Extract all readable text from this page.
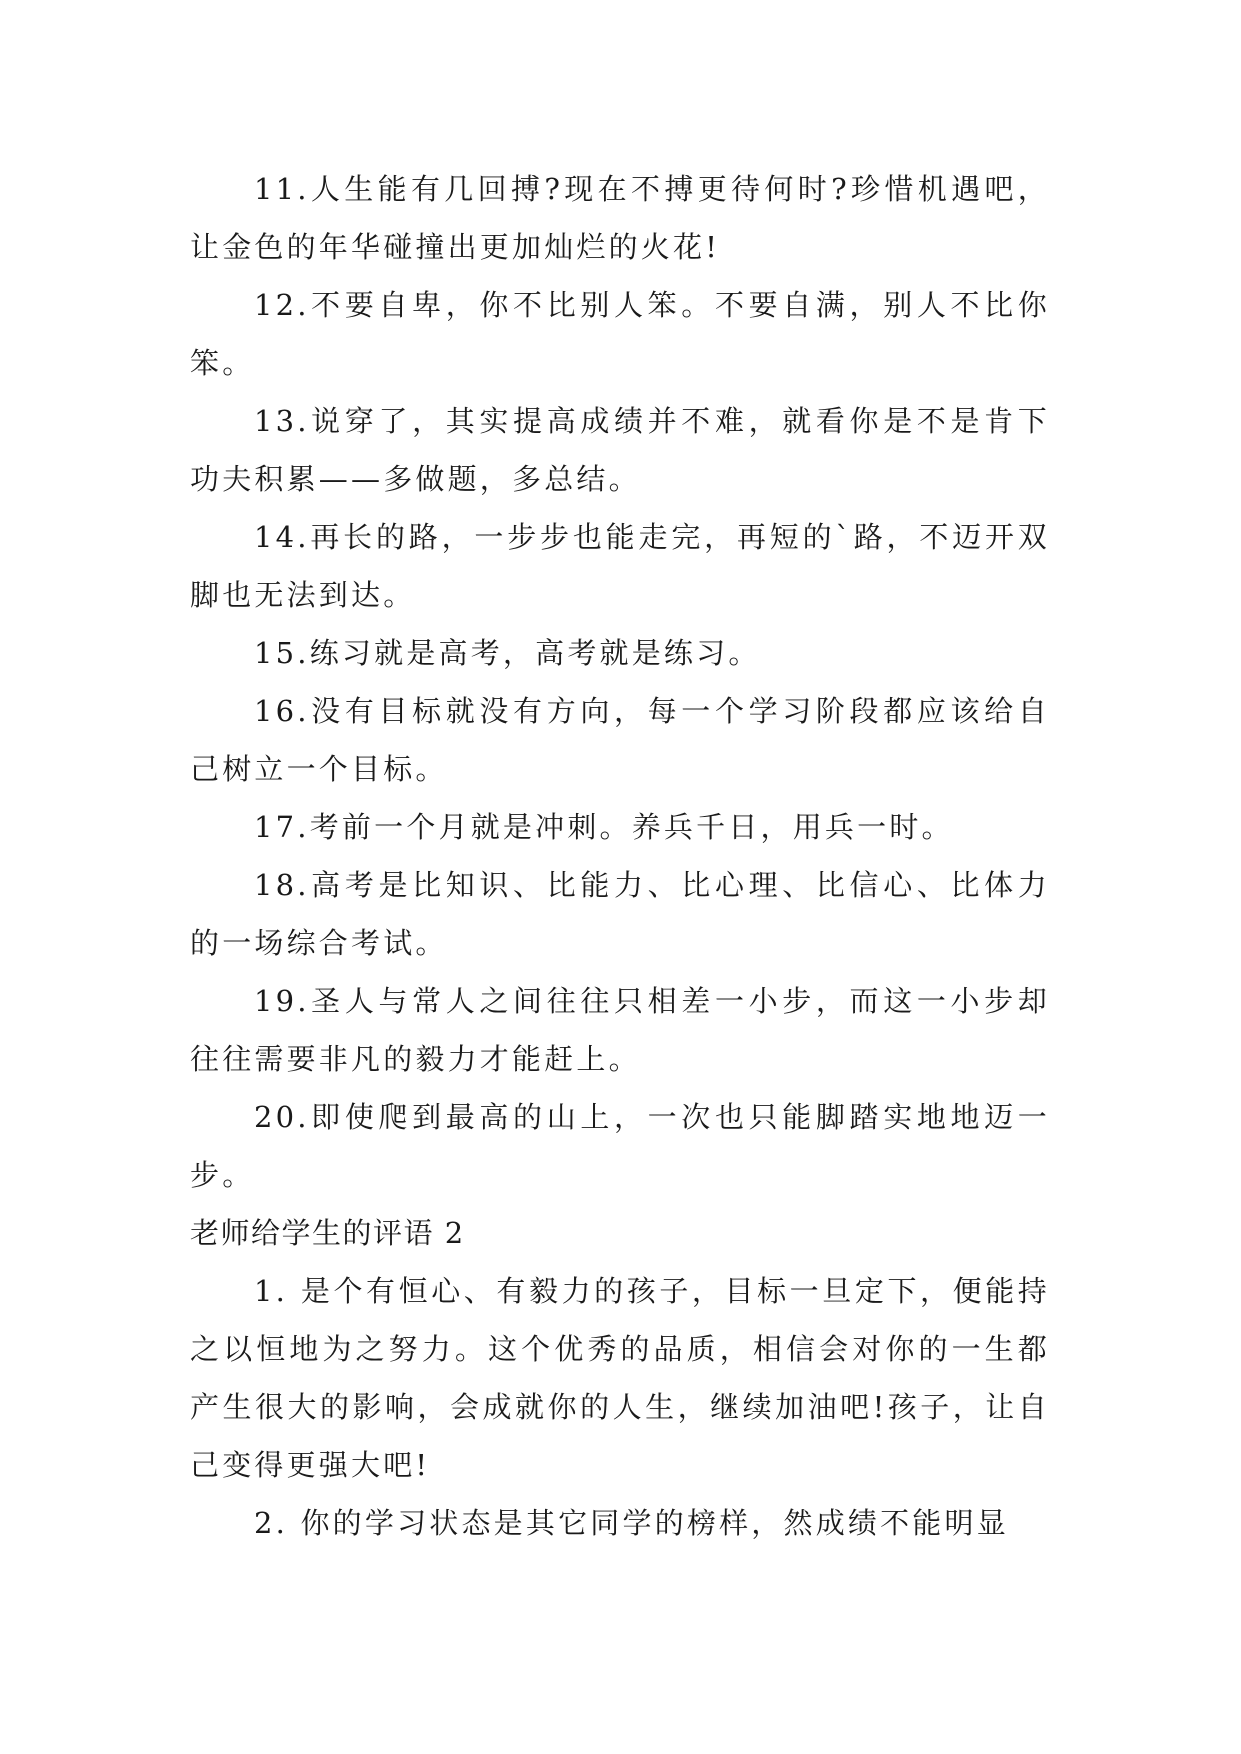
11.人生能有几回搏?现在不搏更待何时?珍惜机遇吧，让金色的年华碰撞出更加灿烂的火花!

12.不要自卑，你不比别人笨。不要自满，别人不比你笨。

13.说穿了，其实提高成绩并不难，就看你是不是肯下功夫积累——多做题，多总结。

14.再长的路，一步步也能走完，再短的`路，不迈开双脚也无法到达。

15.练习就是高考，高考就是练习。

16.没有目标就没有方向，每一个学习阶段都应该给自己树立一个目标。

17.考前一个月就是冲刺。养兵千日，用兵一时。

18.高考是比知识、比能力、比心理、比信心、比体力的一场综合考试。

19.圣人与常人之间往往只相差一小步，而这一小步却往往需要非凡的毅力才能赶上。

20.即使爬到最高的山上，一次也只能脚踏实地地迈一步。

老师给学生的评语 2

1. 是个有恒心、有毅力的孩子，目标一旦定下，便能持之以恒地为之努力。这个优秀的品质，相信会对你的一生都产生很大的影响，会成就你的人生，继续加油吧!孩子，让自己变得更强大吧!

2. 你的学习状态是其它同学的榜样，然成绩不能明显
